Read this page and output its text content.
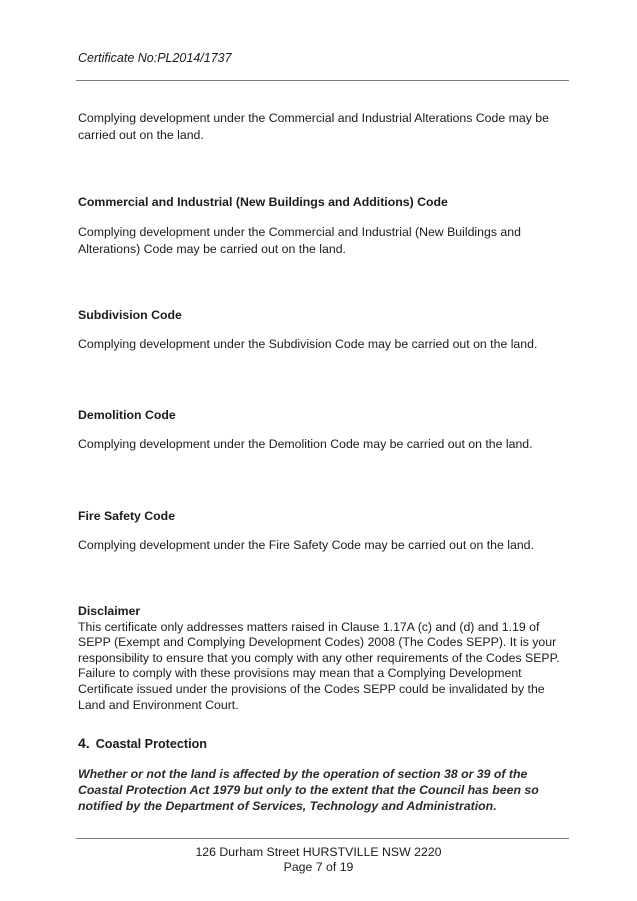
Certificate No:PL2014/1737
Complying development under the Commercial and Industrial Alterations Code may be carried out on the land.
Commercial and Industrial (New Buildings and Additions) Code
Complying development under the Commercial and Industrial (New Buildings and Alterations) Code may be carried out on the land.
Subdivision Code
Complying development under the Subdivision Code may be carried out on the land.
Demolition Code
Complying development under the Demolition Code may be carried out on the land.
Fire Safety Code
Complying development under the Fire Safety Code may be carried out on the land.
Disclaimer
This certificate only addresses matters raised in Clause 1.17A (c) and (d) and 1.19 of SEPP (Exempt and Complying Development Codes) 2008 (The Codes SEPP). It is your responsibility to ensure that you comply with any other requirements of the Codes SEPP. Failure to comply with these provisions may mean that a Complying Development Certificate issued under the provisions of the Codes SEPP could be invalidated by the Land and Environment Court.
4. Coastal Protection
Whether or not the land is affected by the operation of section 38 or 39 of the Coastal Protection Act 1979 but only to the extent that the Council has been so notified by the Department of Services, Technology and Administration.
126 Durham Street HURSTVILLE NSW 2220
Page 7 of 19
